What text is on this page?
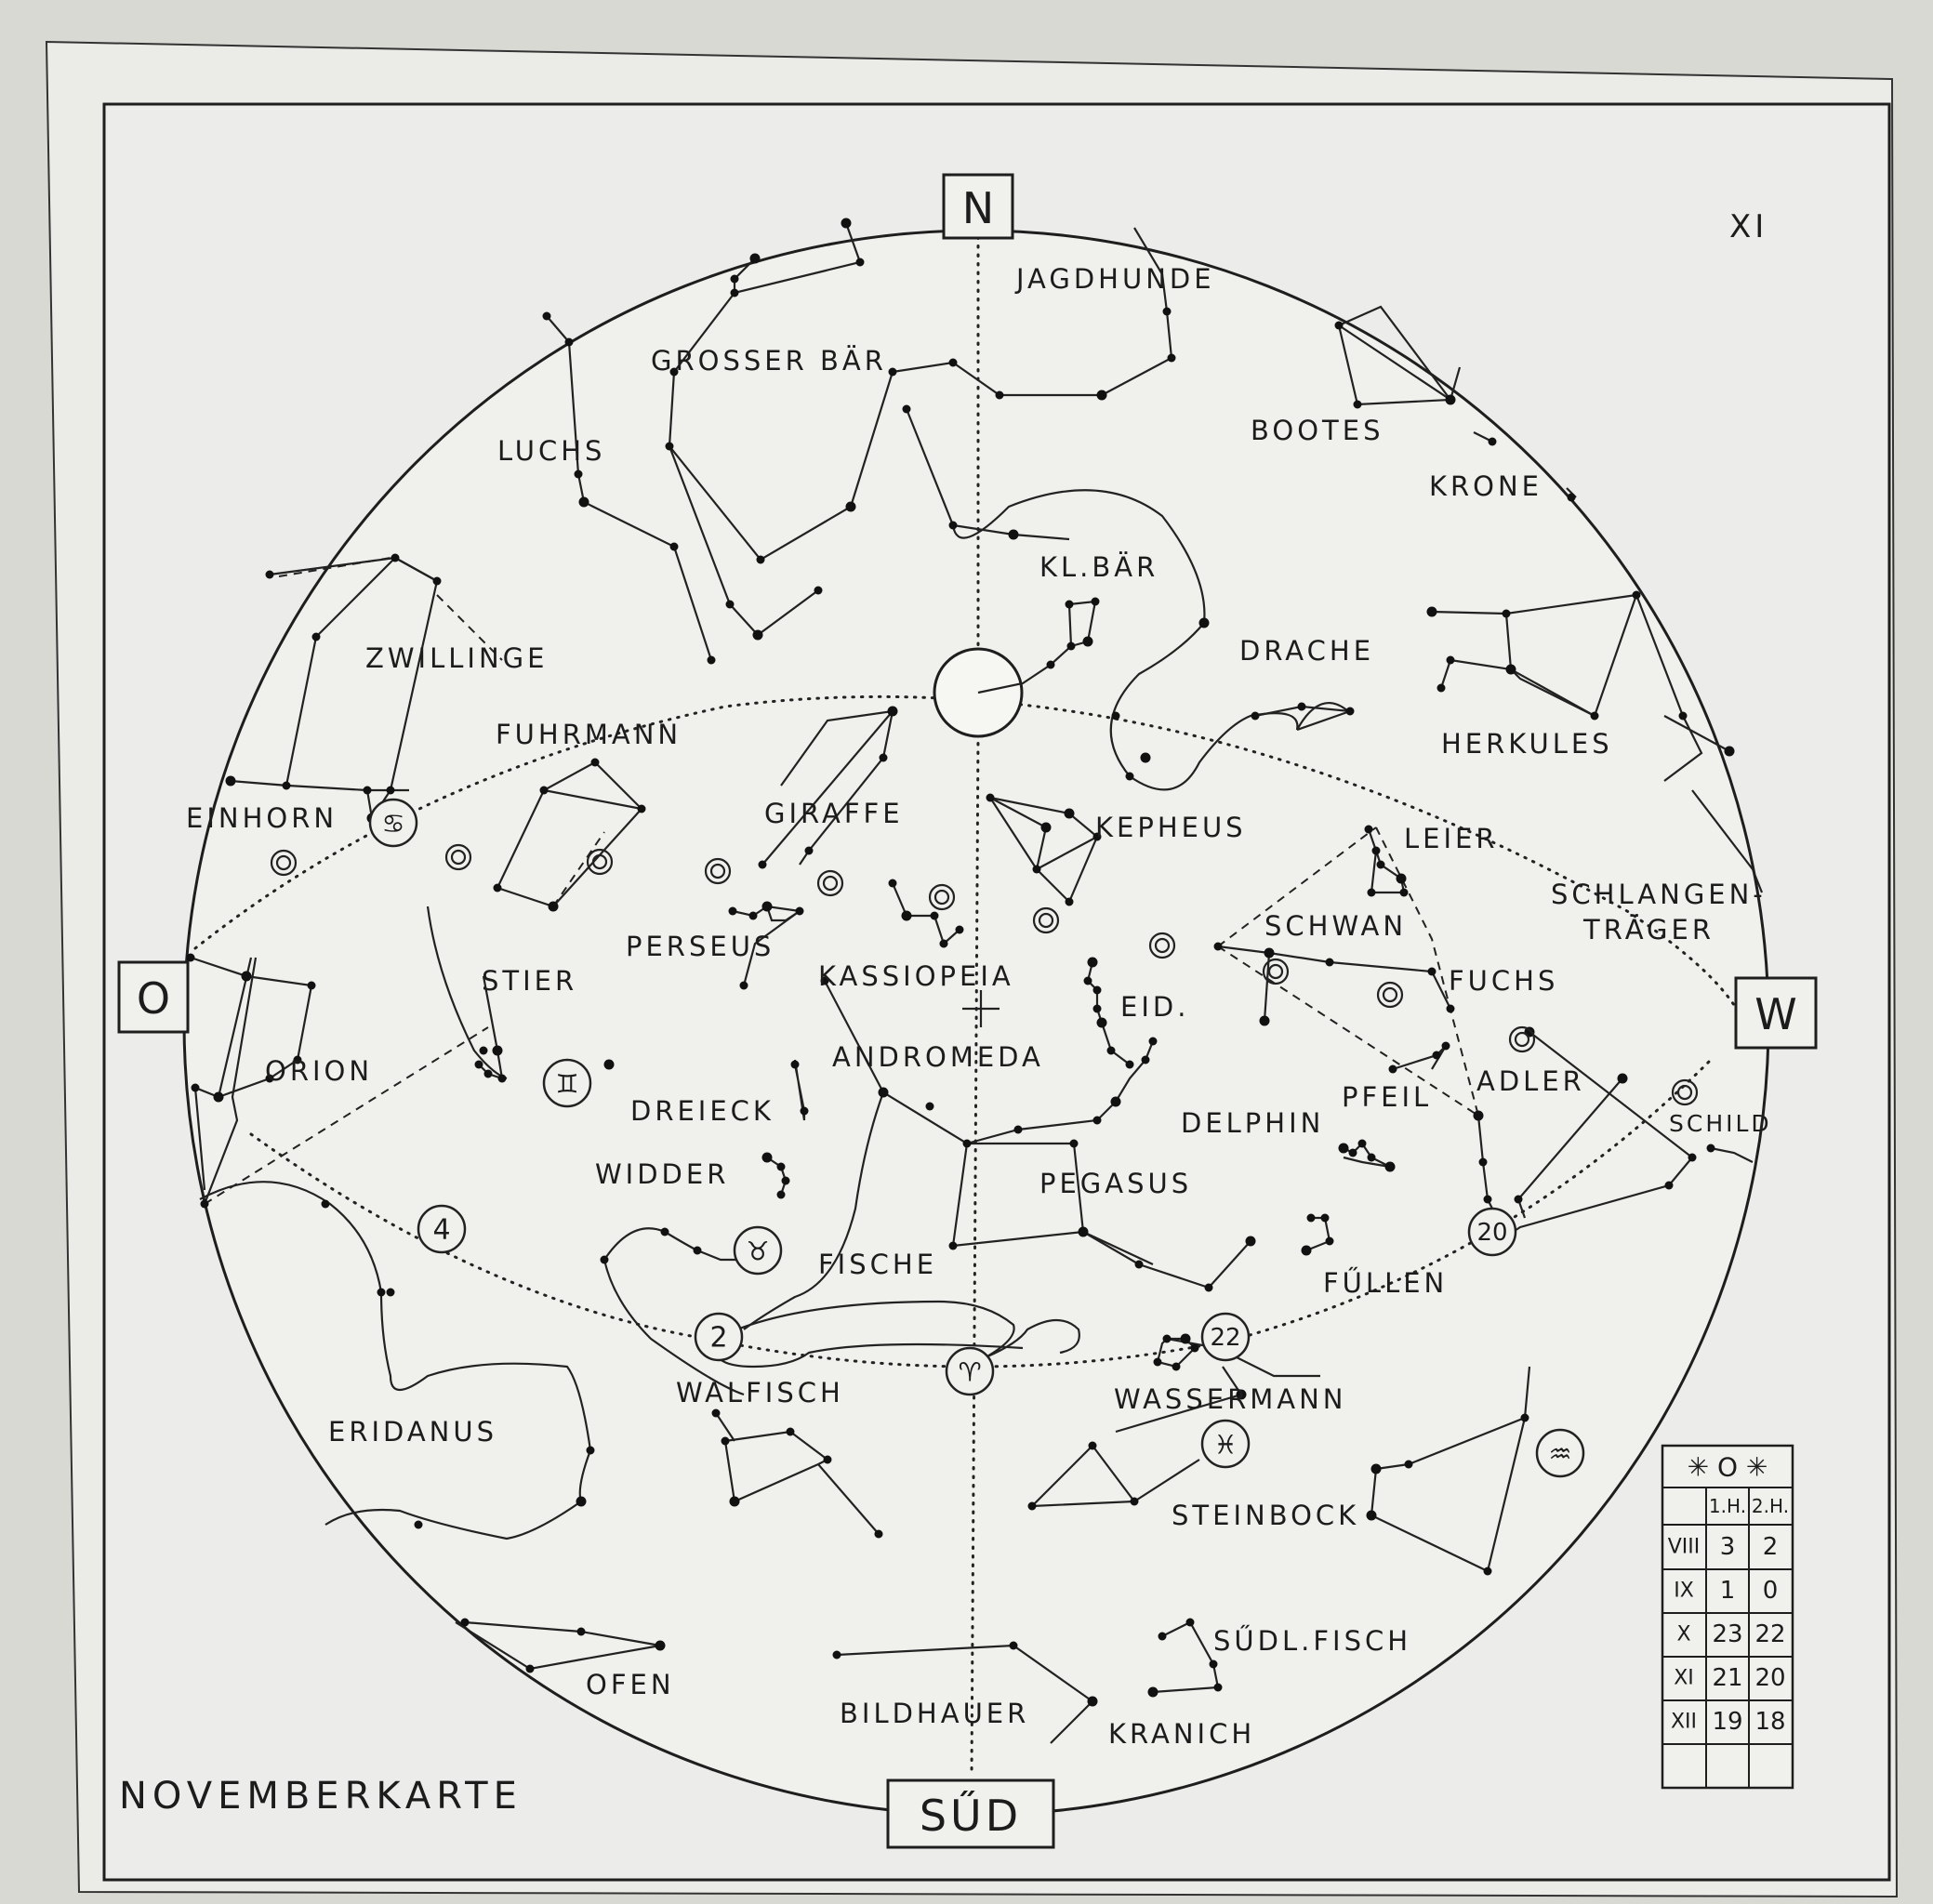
♋
♊
4
♉
2
♈
22
♓	♒
20
N
O	W
SŰD
XI
NOVEMBERKARTE
JAGDHUNDE
GROSSER BÄR
LUCHS
BOOTES
KRONE
KL.BÄR
DRACHE
ZWILLINGE
FUHRMANN	HERKULES
EINHORN	GIRAFFE	KEPHEUS	LEIER
SCHLANGEN-
TRÄGER
SCHWAN
PERSEUS
STIER	KASSIOPEIA
EID.
FUCHS
ORION	ANDROMEDA
ADLER
PFEIL
SCHILD
DREIECK	DELPHIN
WIDDER	PEGASUS
FISCHE
FŰLLEN
WALFISCH	WASSERMANN
ERIDANUS
STEINBOCK
SŰDL.FISCH
OFEN
BILDHAUER
KRANICH
✳ O ✳
1.H. 2.H.
VIII 3 2
IX 1 0
X 23 22
XI 21 20
XII 19 18
